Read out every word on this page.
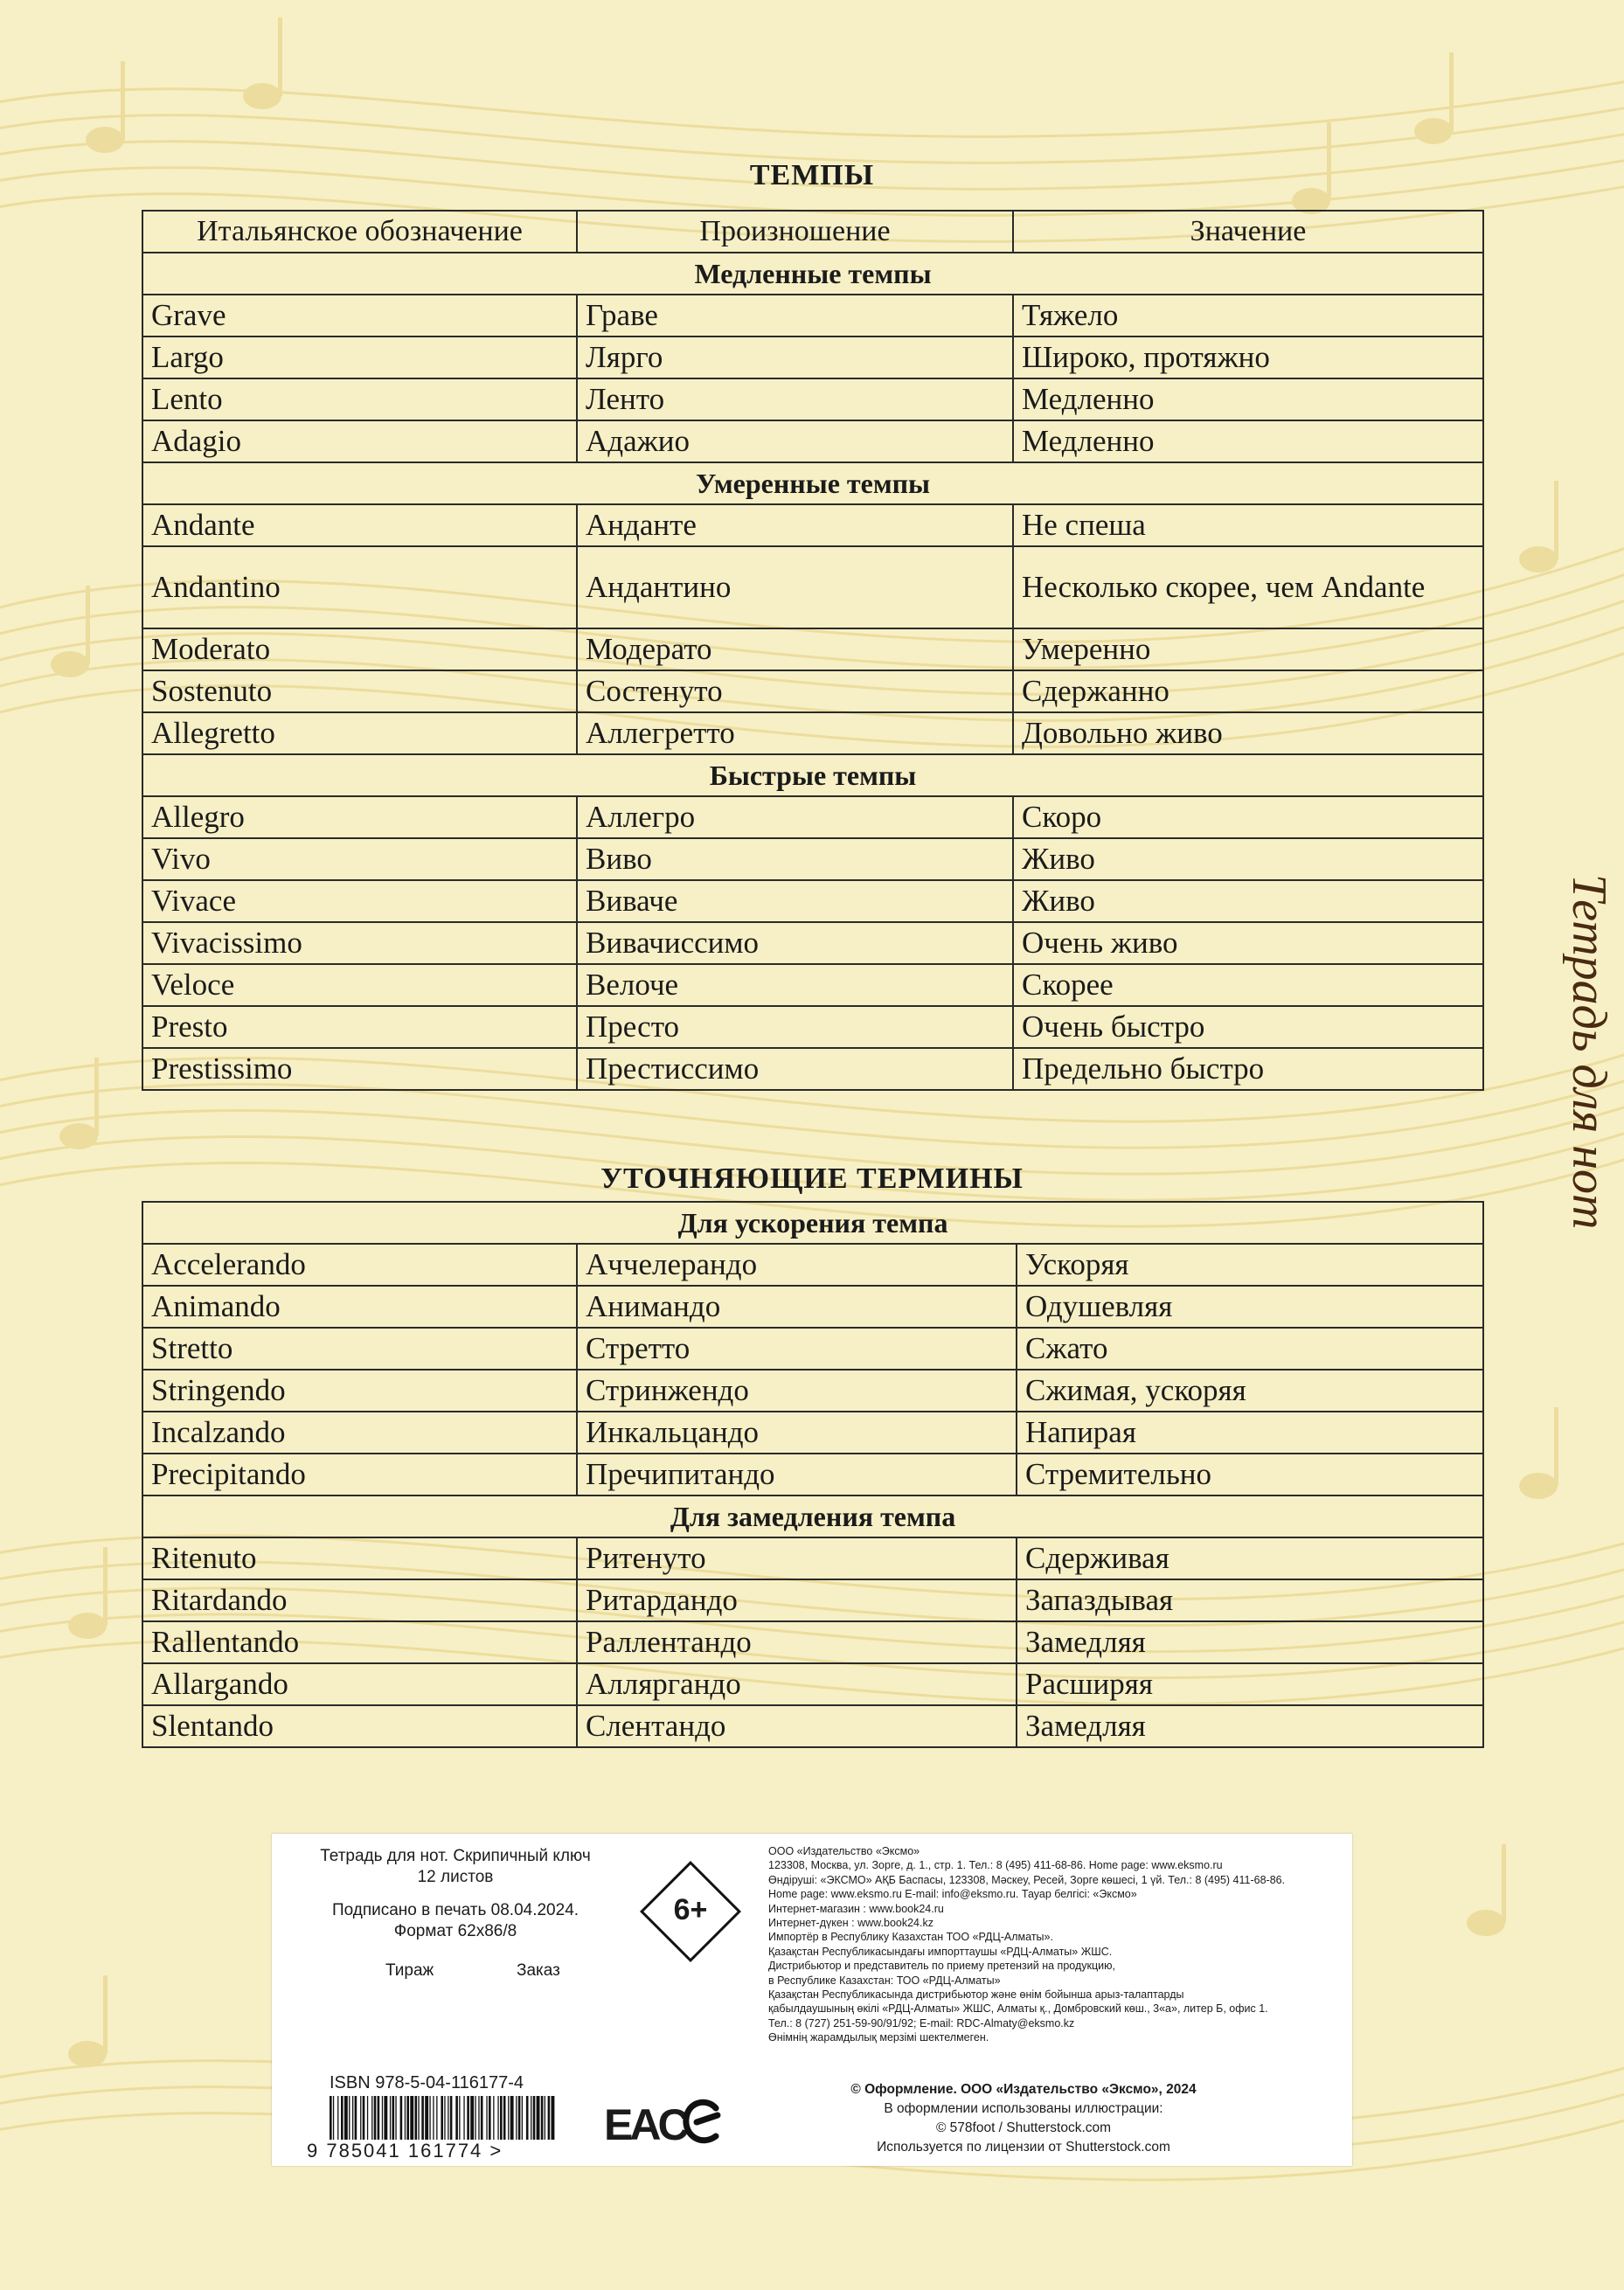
ТЕМПЫ
Итальянское обозначение	Произношение	Значение
Медленные темпы		
Grave	Граве	Тяжело
Largo	Лярго	Широко, протяжно
Lento	Ленто	Медленно
Adagio	Адажио	Медленно
Умеренные темпы		
Andante	Анданте	Не спеша
Andantino	Андантино	Несколько скорее, чем Andante
Moderato	Модерато	Умеренно
Sostenuto	Состенуто	Сдержанно
Allegretto	Аллегретто	Довольно живо
Быстрые темпы		
Allegro	Аллегро	Скоро
Vivo	Виво	Живо
Vivace	Виваче	Живо
Vivacissimo	Вивачиссимо	Очень живо
Veloce	Велоче	Скорее
Presto	Престо	Очень быстро
Prestissimo	Престиссимо	Предельно быстро
УТОЧНЯЮЩИЕ ТЕРМИНЫ
Для ускорения темпа		
Accelerando	Аччелерандо	Ускоряя
Animando	Анимандо	Одушевляя
Stretto	Стретто	Сжато
Stringendo	Стринжендо	Сжимая, ускоряя
Incalzando	Инкальцандо	Напирая
Precipitando	Пречипитандо	Стремительно
Для замедления темпа		
Ritenuto	Ритенуто	Сдерживая
Ritardando	Ритардандо	Запаздывая
Rallentando	Раллентандо	Замедляя
Allargando	Алляргандо	Расширяя
Slentando	Слентандо	Замедляя
Тетрадь для нот
Тетрадь для нот. Скрипичный ключ
12 листов
Подписано в печать 08.04.2024.
Формат 62x86/8
Тираж	Заказ
6+
ООО «Издательство «Эксмо»
123308, Москва, ул. Зорге, д. 1., стр. 1. Тел.: 8 (495) 411-68-86. Home page: www.eksmo.ru
Өндіруші: «ЭКСМО» АҚБ Баспасы, 123308, Мәскеу, Ресей, Зорге көшесі, 1 үй. Тел.: 8 (495) 411-68-86.
Home page: www.eksmo.ru E-mail: info@eksmo.ru. Тауар белгісі: «Эксмо»
Интернет-магазин : www.book24.ru
Интернет-дүкен : www.book24.kz
Импортёр в Республику Казахстан ТОО «РДЦ-Алматы».
Қазақстан Республикасындағы импорттаушы «РДЦ-Алматы» ЖШС.
Дистрибьютор и представитель по приему претензий на продукцию,
в Республике Казахстан: ТОО «РДЦ-Алматы»
Қазақстан Республикасында дистрибьютор және өнім бойынша арыз-талаптарды
қабылдаушының өкілі «РДЦ-Алматы» ЖШС, Алматы қ., Домбровский көш., 3«а», литер Б, офис 1.
Тел.: 8 (727) 251-59-90/91/92; E-mail: RDC-Almaty@eksmo.kz
Өнімнің жарамдылық мерзімі шектелмеген.
ISBN 978-5-04-116177-4
9 785041 161774 >
EAC
© Оформление. ООО «Издательство «Эксмо», 2024
В оформлении использованы иллюстрации:
© 578foot / Shutterstock.com
Используется по лицензии от Shutterstock.com
